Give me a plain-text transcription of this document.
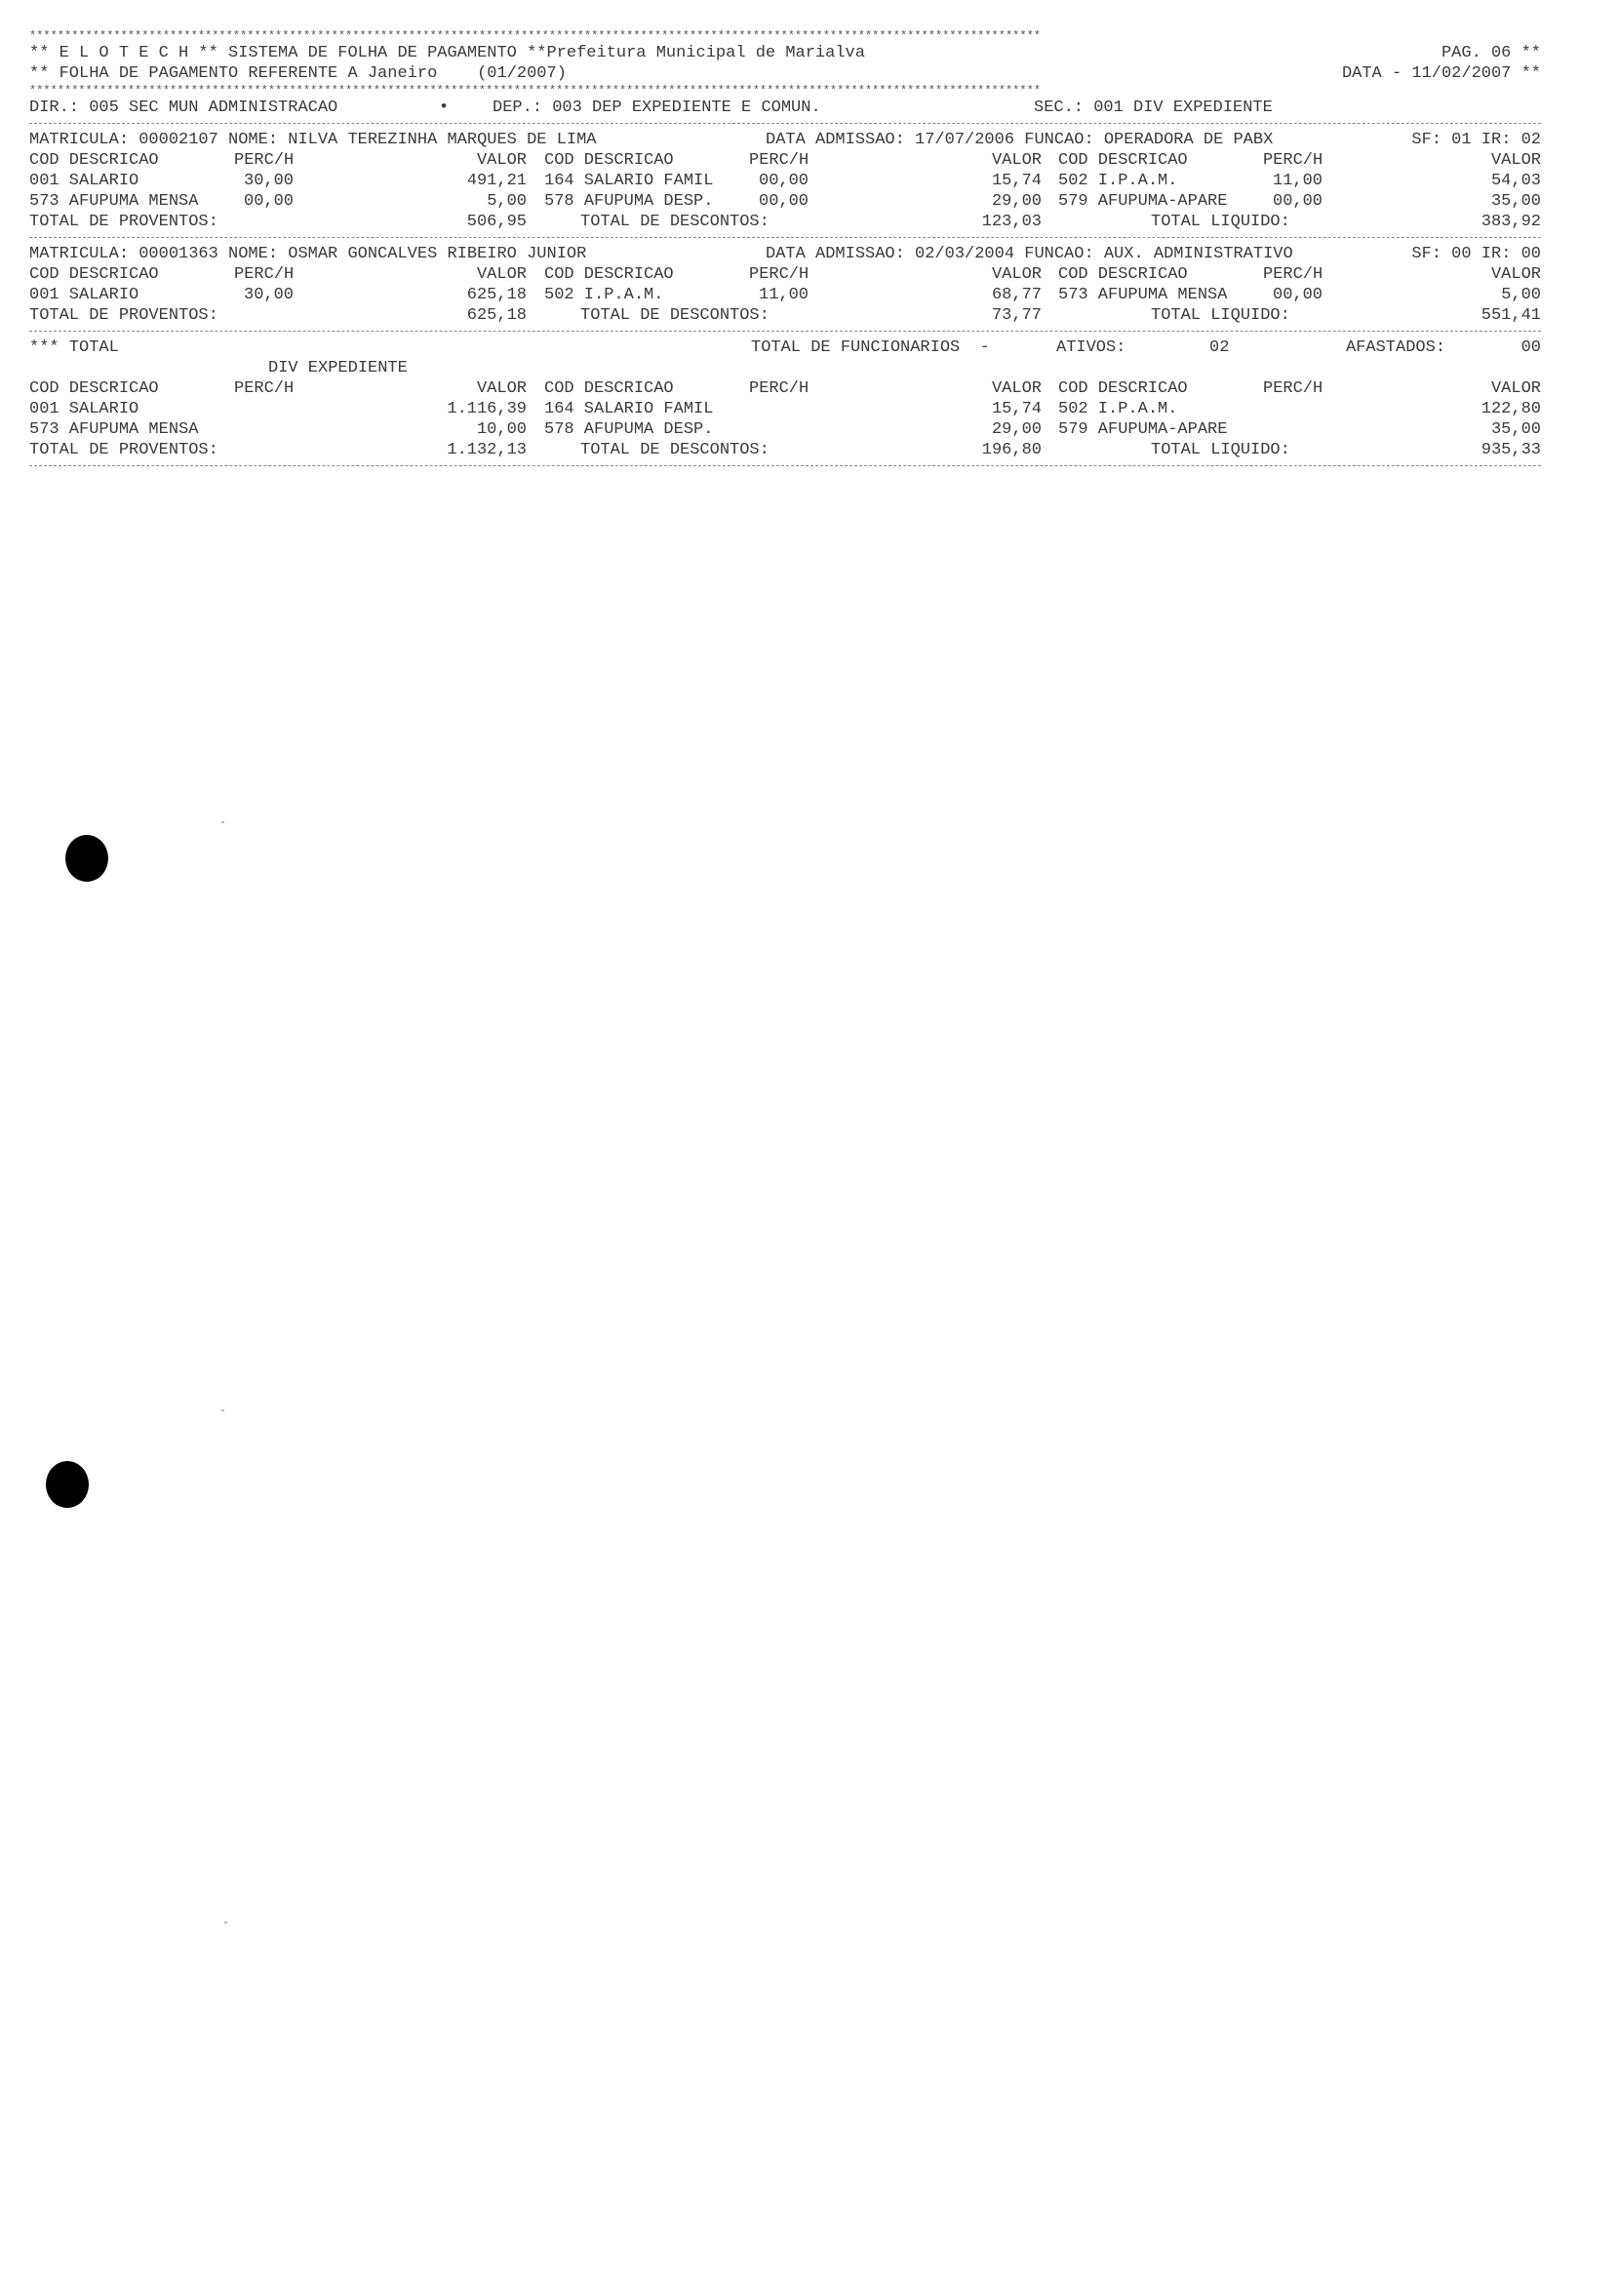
************************************************************************************************************************************************
** E L O T E C H ** SISTEMA DE FOLHA DE PAGAMENTO **Prefeitura Municipal de Marialva	PAG. 06 **
** FOLHA DE PAGAMENTO REFERENTE A Janeiro    (01/2007)	DATA - 11/02/2007 **
************************************************************************************************************************************************
DIR.: 005 SEC MUN ADMINISTRACAO	•	DEP.: 003 DEP EXPEDIENTE E COMUN.	SEC.: 001 DIV EXPEDIENTE
MATRICULA: 00002107 NOME: NILVA TEREZINHA MARQUES DE LIMA	DATA ADMISSAO: 17/07/2006 FUNCAO: OPERADORA DE PABX	SF: 01 IR: 02
COD DESCRICAO	PERC/H	VALOR COD DESCRICAO	PERC/H	VALOR COD DESCRICAO	PERC/H	VALOR
001 SALARIO	30,00	491,21 164 SALARIO FAMIL	00,00	15,74 502 I.P.A.M.	11,00	54,03
573 AFUPUMA MENSA	00,00	5,00 578 AFUPUMA DESP.	00,00	29,00 579 AFUPUMA-APARE	00,00	35,00
TOTAL DE PROVENTOS:	506,95	TOTAL DE DESCONTOS:	123,03	TOTAL LIQUIDO:	383,92
MATRICULA: 00001363 NOME: OSMAR GONCALVES RIBEIRO JUNIOR	DATA ADMISSAO: 02/03/2004 FUNCAO: AUX. ADMINISTRATIVO	SF: 00 IR: 00
COD DESCRICAO	PERC/H	VALOR COD DESCRICAO	PERC/H	VALOR COD DESCRICAO	PERC/H	VALOR
001 SALARIO	30,00	625,18 502 I.P.A.M.	11,00	68,77 573 AFUPUMA MENSA	00,00	5,00
TOTAL DE PROVENTOS:	625,18	TOTAL DE DESCONTOS:	73,77	TOTAL LIQUIDO:	551,41
*** TOTAL	TOTAL DE FUNCIONARIOS  -	ATIVOS:	02	AFASTADOS:	00
DIV EXPEDIENTE
COD DESCRICAO	PERC/H	VALOR COD DESCRICAO	PERC/H	VALOR COD DESCRICAO	PERC/H	VALOR
001 SALARIO	1.116,39 164 SALARIO FAMIL	15,74 502 I.P.A.M.	122,80
573 AFUPUMA MENSA	10,00 578 AFUPUMA DESP.	29,00 579 AFUPUMA-APARE	35,00
TOTAL DE PROVENTOS:	1.132,13	TOTAL DE DESCONTOS:	196,80	TOTAL LIQUIDO:	935,33
